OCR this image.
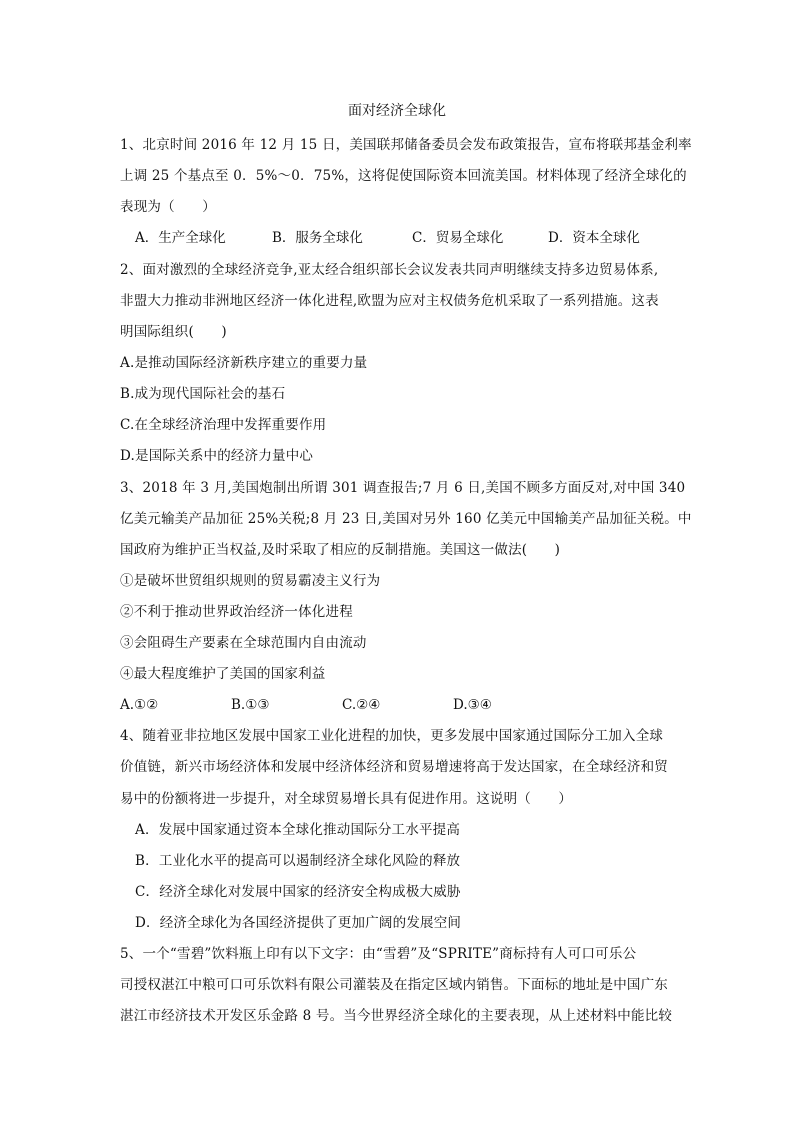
面对经济全球化
1、北京时间 2016 年 12 月 15 日，美国联邦储备委员会发布政策报告，宣布将联邦基金利率
上调 25 个基点至 0．5%～0．75%，这将促使国际资本回流美国。材料体现了经济全球化的
表现为（　　）
A．生产全球化	B．服务全球化	C．贸易全球化	D．资本全球化
2、面对激烈的全球经济竞争,亚太经合组织部长会议发表共同声明继续支持多边贸易体系,
非盟大力推动非洲地区经济一体化进程,欧盟为应对主权债务危机采取了一系列措施。这表
明国际组织(　　)
A.是推动国际经济新秩序建立的重要力量
B.成为现代国际社会的基石
C.在全球经济治理中发挥重要作用
D.是国际关系中的经济力量中心
3、2018 年 3 月,美国炮制出所谓 301 调查报告;7 月 6 日,美国不顾多方面反对,对中国 340
亿美元输美产品加征 25%关税;8 月 23 日,美国对另外 160 亿美元中国输美产品加征关税。中
国政府为维护正当权益,及时采取了相应的反制措施。美国这一做法(　　)
①是破坏世贸组织规则的贸易霸凌主义行为
②不利于推动世界政治经济一体化进程
③会阻碍生产要素在全球范围内自由流动
④最大程度维护了美国的国家利益
A.①②	B.①③	C.②④	D.③④
4、随着亚非拉地区发展中国家工业化进程的加快，更多发展中国家通过国际分工加入全球
价值链，新兴市场经济体和发展中经济体经济和贸易增速将高于发达国家，在全球经济和贸
易中的份额将进一步提升，对全球贸易增长具有促进作用。这说明（　　）
A．发展中国家通过资本全球化推动国际分工水平提高
B．工业化水平的提高可以遏制经济全球化风险的释放
C．经济全球化对发展中国家的经济安全构成极大威胁
D．经济全球化为各国经济提供了更加广阔的发展空间
5、一个“雪碧”饮料瓶上印有以下文字：由“雪碧”及“SPRITE”商标持有人可口可乐公
司授权湛江中粮可口可乐饮料有限公司灌装及在指定区域内销售。下面标的地址是中国广东
湛江市经济技术开发区乐金路 8 号。当今世界经济全球化的主要表现，从上述材料中能比较
